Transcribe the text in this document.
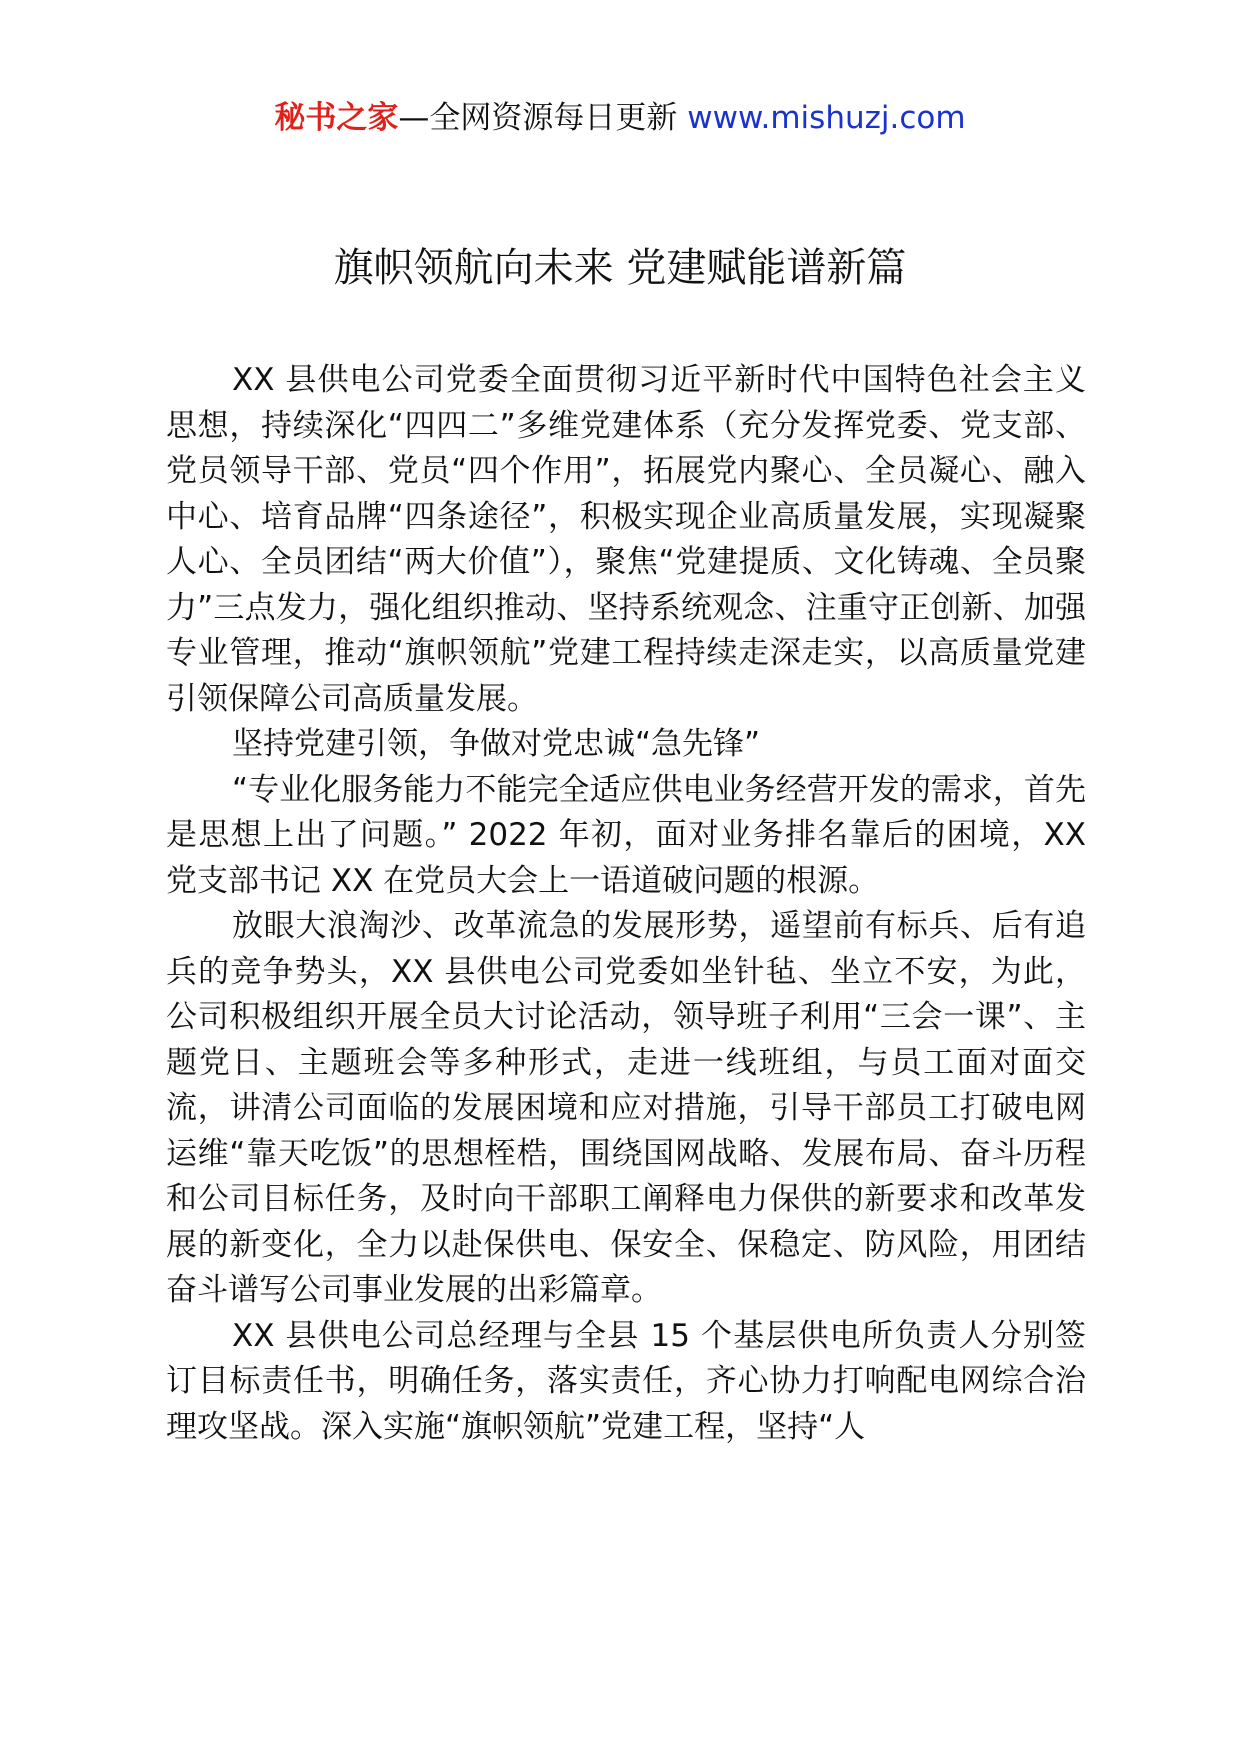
秘书之家—全网资源每日更新 www.mishuzj.com
旗帜领航向未来 党建赋能谱新篇

XX 县供电公司党委全面贯彻习近平新时代中国特色社会主义思想，持续深化“四四二”多维党建体系（充分发挥党委、党支部、党员领导干部、党员“四个作用”，拓展党内聚心、全员凝心、融入中心、培育品牌“四条途径”，积极实现企业高质量发展，实现凝聚人心、全员团结“两大价值”），聚焦“党建提质、文化铸魂、全员聚力”三点发力，强化组织推动、坚持系统观念、注重守正创新、加强专业管理，推动“旗帜领航”党建工程持续走深走实，以高质量党建引领保障公司高质量发展。

坚持党建引领，争做对党忠诚“急先锋”

“专业化服务能力不能完全适应供电业务经营开发的需求，首先是思想上出了问题。” 2022 年初，面对业务排名靠后的困境，XX 党支部书记 XX 在党员大会上一语道破问题的根源。

放眼大浪淘沙、改革流急的发展形势，遥望前有标兵、后有追兵的竞争势头，XX 县供电公司党委如坐针毡、坐立不安，为此，公司积极组织开展全员大讨论活动，领导班子利用“三会一课”、主题党日、主题班会等多种形式，走进一线班组，与员工面对面交流，讲清公司面临的发展困境和应对措施，引导干部员工打破电网运维“靠天吃饭”的思想桎梏，围绕国网战略、发展布局、奋斗历程和公司目标任务，及时向干部职工阐释电力保供的新要求和改革发展的新变化，全力以赴保供电、保安全、保稳定、防风险，用团结奋斗谱写公司事业发展的出彩篇章。

XX 县供电公司总经理与全县 15 个基层供电所负责人分别签订目标责任书，明确任务，落实责任，齐心协力打响配电网综合治理攻坚战。深入实施“旗帜领航”党建工程，坚持“人
